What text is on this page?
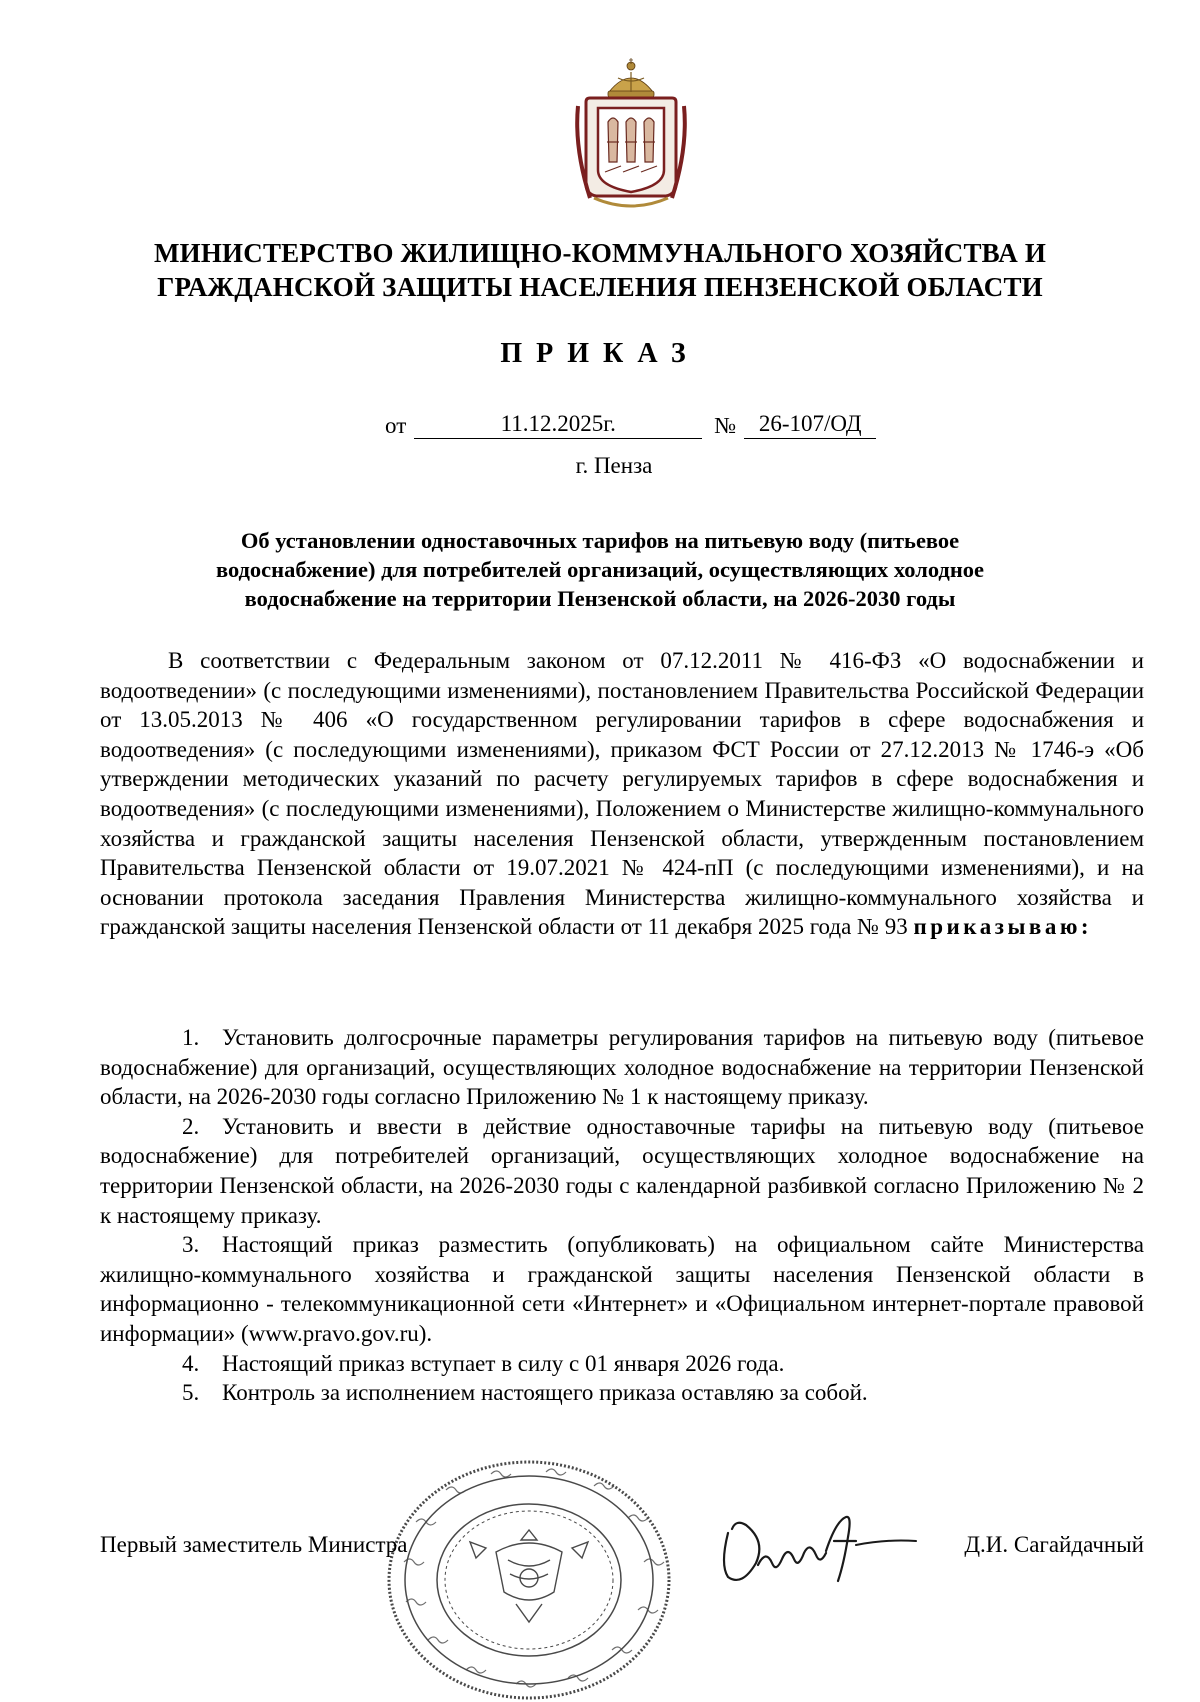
МИНИСТЕРСТВО ЖИЛИЩНО-КОММУНАЛЬНОГО ХОЗЯЙСТВА И
ГРАЖДАНСКОЙ ЗАЩИТЫ НАСЕЛЕНИЯ ПЕНЗЕНСКОЙ ОБЛАСТИ
ПРИКАЗ
от	11.12.2025г.	№ 26-107/ОД
г. Пенза
Об установлении одноставочных тарифов на питьевую воду (питьевое
водоснабжение) для потребителей организаций, осуществляющих холодное
водоснабжение на территории Пензенской области, на 2026-2030 годы

В соответствии с Федеральным законом от 07.12.2011 № 416-ФЗ «О водоснабжении и водоотведении» (с последующими изменениями), постановлением Правительства Российской Федерации от 13.05.2013 № 406 «О государственном регулировании тарифов в сфере водоснабжения и водоотведения» (с последующими изменениями), приказом ФСТ России от 27.12.2013 № 1746-э «Об утверждении методических указаний по расчету регулируемых тарифов в сфере водоснабжения и водоотведения» (с последующими изменениями), Положением о Министерстве жилищно-коммунального хозяйства и гражданской защиты населения Пензенской области, утвержденным постановлением Правительства Пензенской области от 19.07.2021 № 424-пП (с последующими изменениями), и на основании протокола заседания Правления Министерства жилищно-коммунального хозяйства и гражданской защиты населения Пензенской области от 11 декабря 2025 года № 93 приказываю:

1. Установить долгосрочные параметры регулирования тарифов на питьевую воду (питьевое водоснабжение) для организаций, осуществляющих холодное водоснабжение на территории Пензенской области, на 2026-2030 годы согласно Приложению № 1 к настоящему приказу.

2. Установить и ввести в действие одноставочные тарифы на питьевую воду (питьевое водоснабжение) для потребителей организаций, осуществляющих холодное водоснабжение на территории Пензенской области, на 2026-2030 годы с календарной разбивкой согласно Приложению № 2 к настоящему приказу.

3. Настоящий приказ разместить (опубликовать) на официальном сайте Министерства жилищно-коммунального хозяйства и гражданской защиты населения Пензенской области в информационно - телекоммуникационной сети «Интернет» и «Официальном интернет-портале правовой информации» (www.pravo.gov.ru).

4. Настоящий приказ вступает в силу с 01 января 2026 года.

5. Контроль за исполнением настоящего приказа оставляю за собой.

Первый заместитель Министра	Д.И. Сагайдачный
